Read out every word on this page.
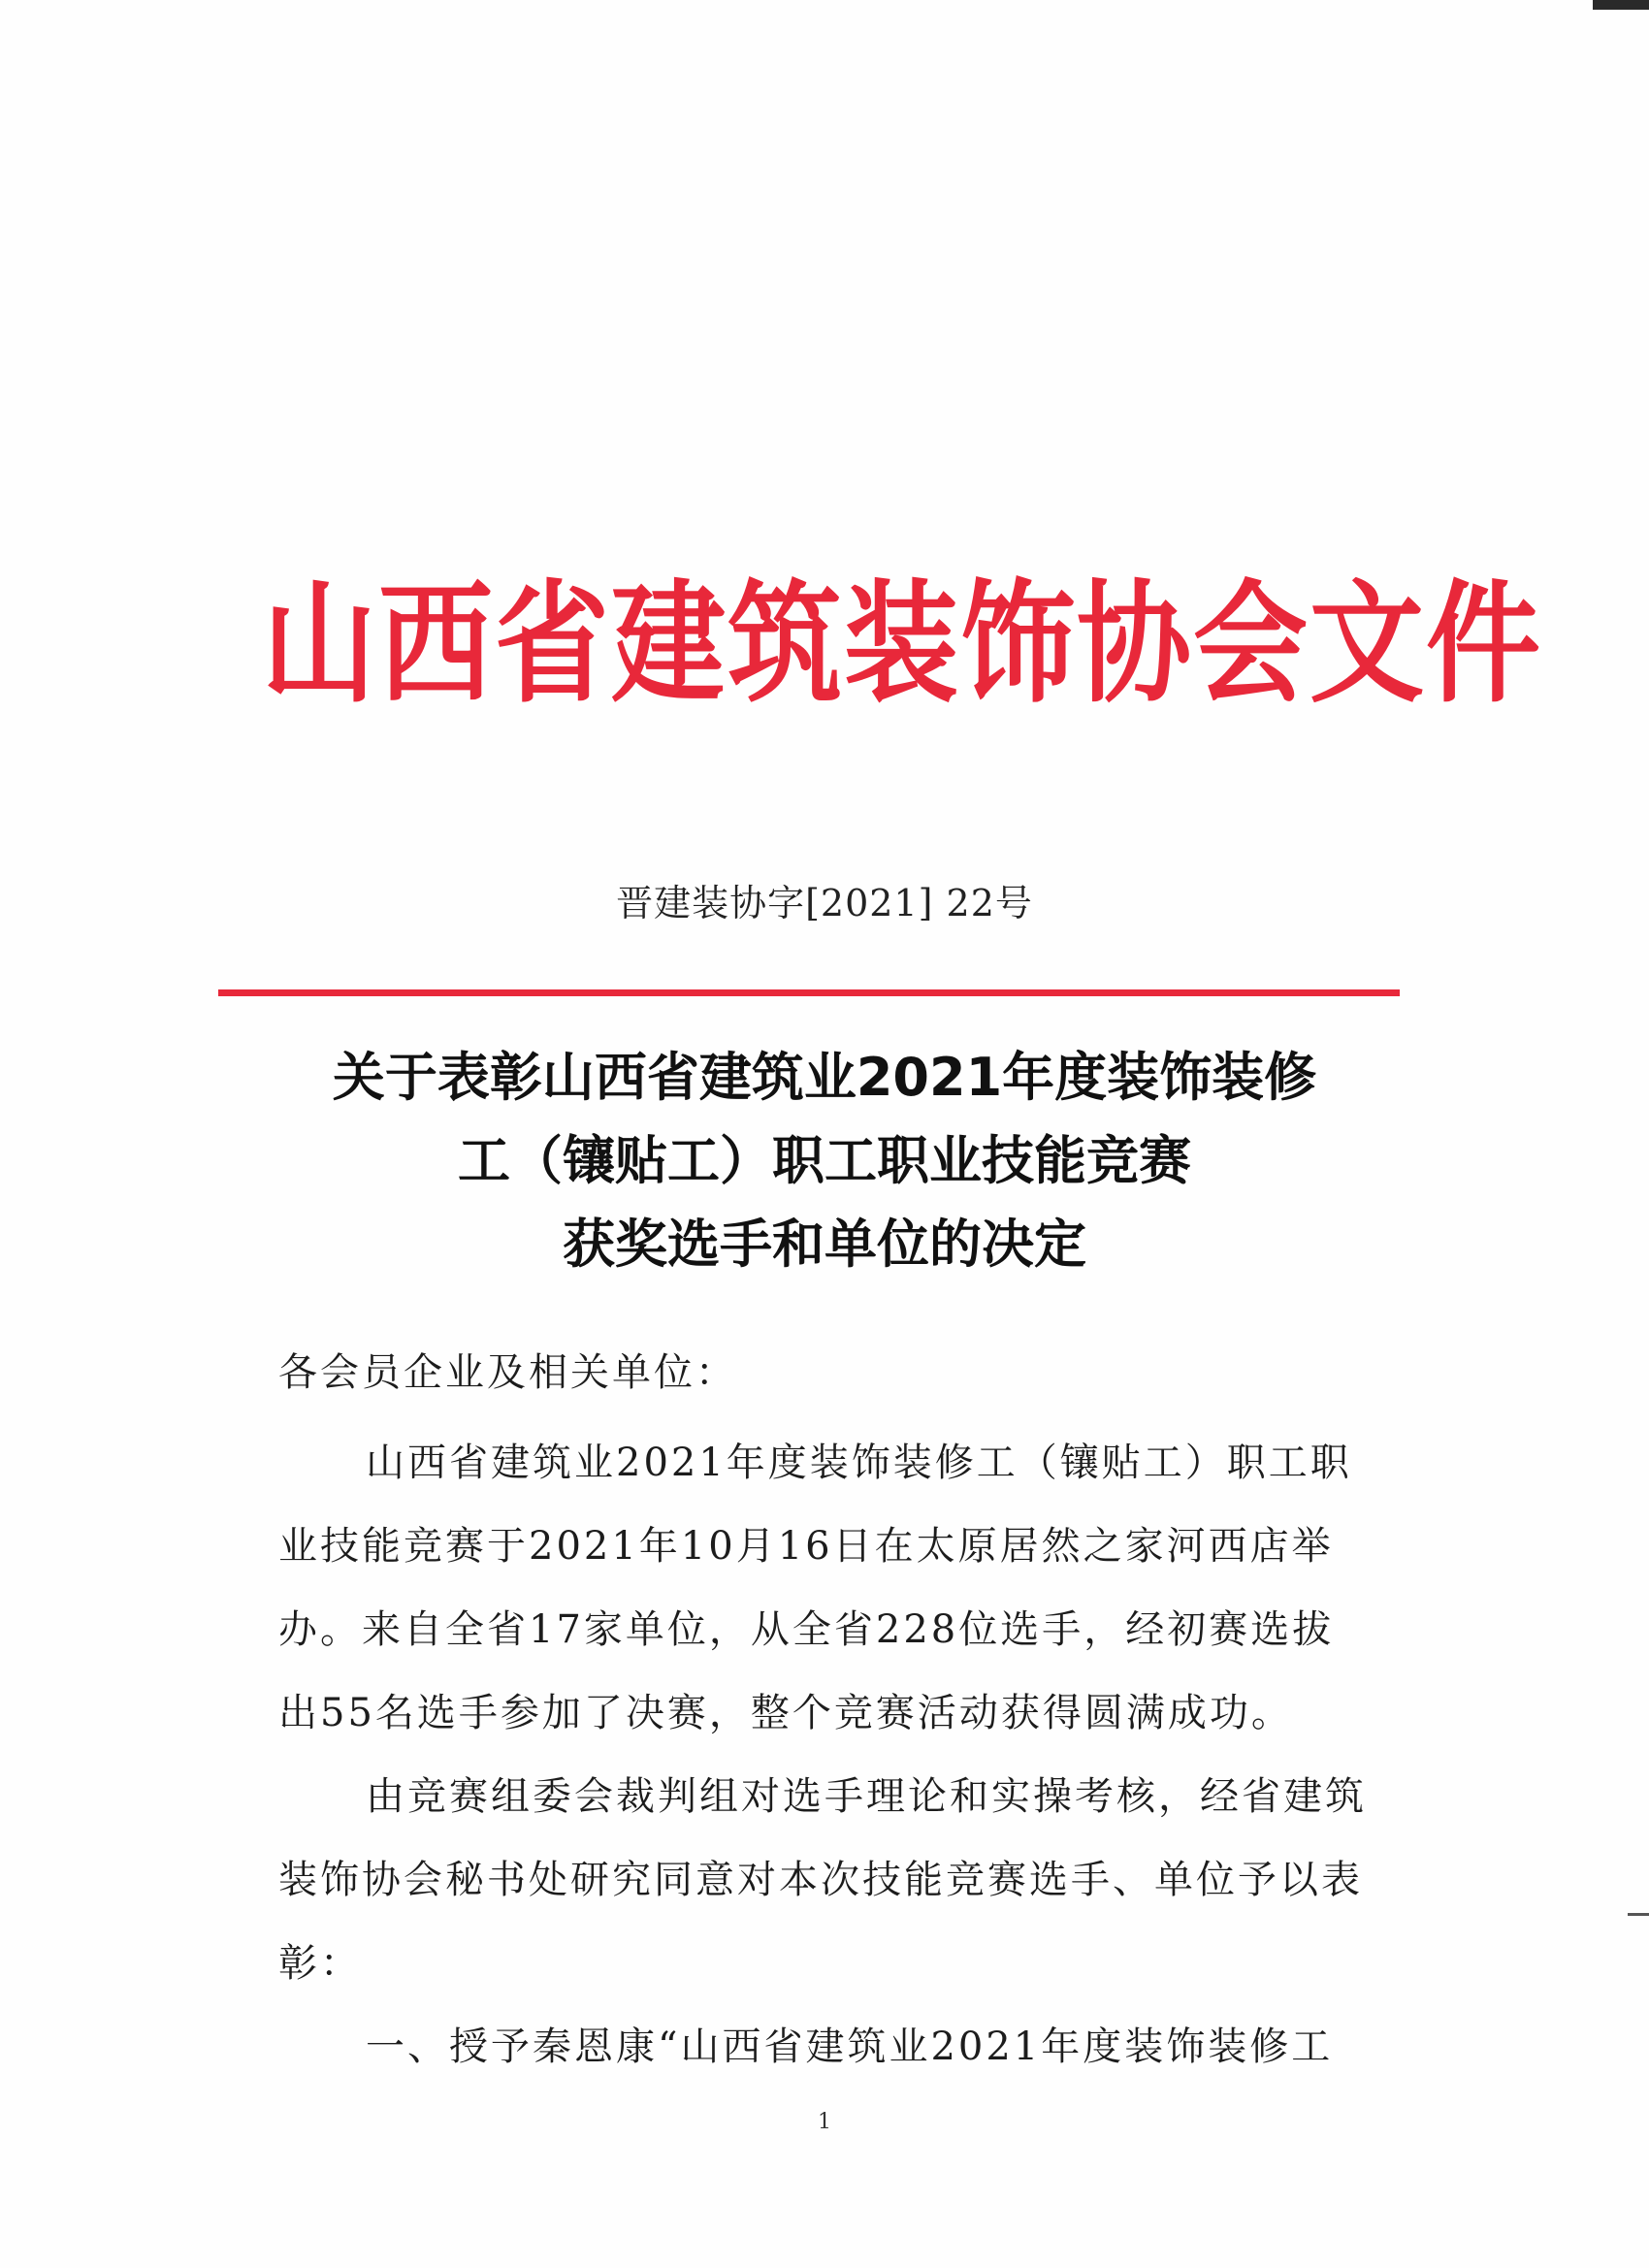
山西省建筑装饰协会文件
晋建装协字[2021] 22号
关于表彰山西省建筑业2021年度装饰装修
工（镶贴工）职工职业技能竞赛
获奖选手和单位的决定
各会员企业及相关单位：
山西省建筑业2021年度装饰装修工（镶贴工）职工职
业技能竞赛于2021年10月16日在太原居然之家河西店举
办。来自全省17家单位，从全省228位选手，经初赛选拔
出55名选手参加了决赛，整个竞赛活动获得圆满成功。
由竞赛组委会裁判组对选手理论和实操考核，经省建筑
装饰协会秘书处研究同意对本次技能竞赛选手、单位予以表
彰：
一、授予秦恩康“山西省建筑业2021年度装饰装修工
1
